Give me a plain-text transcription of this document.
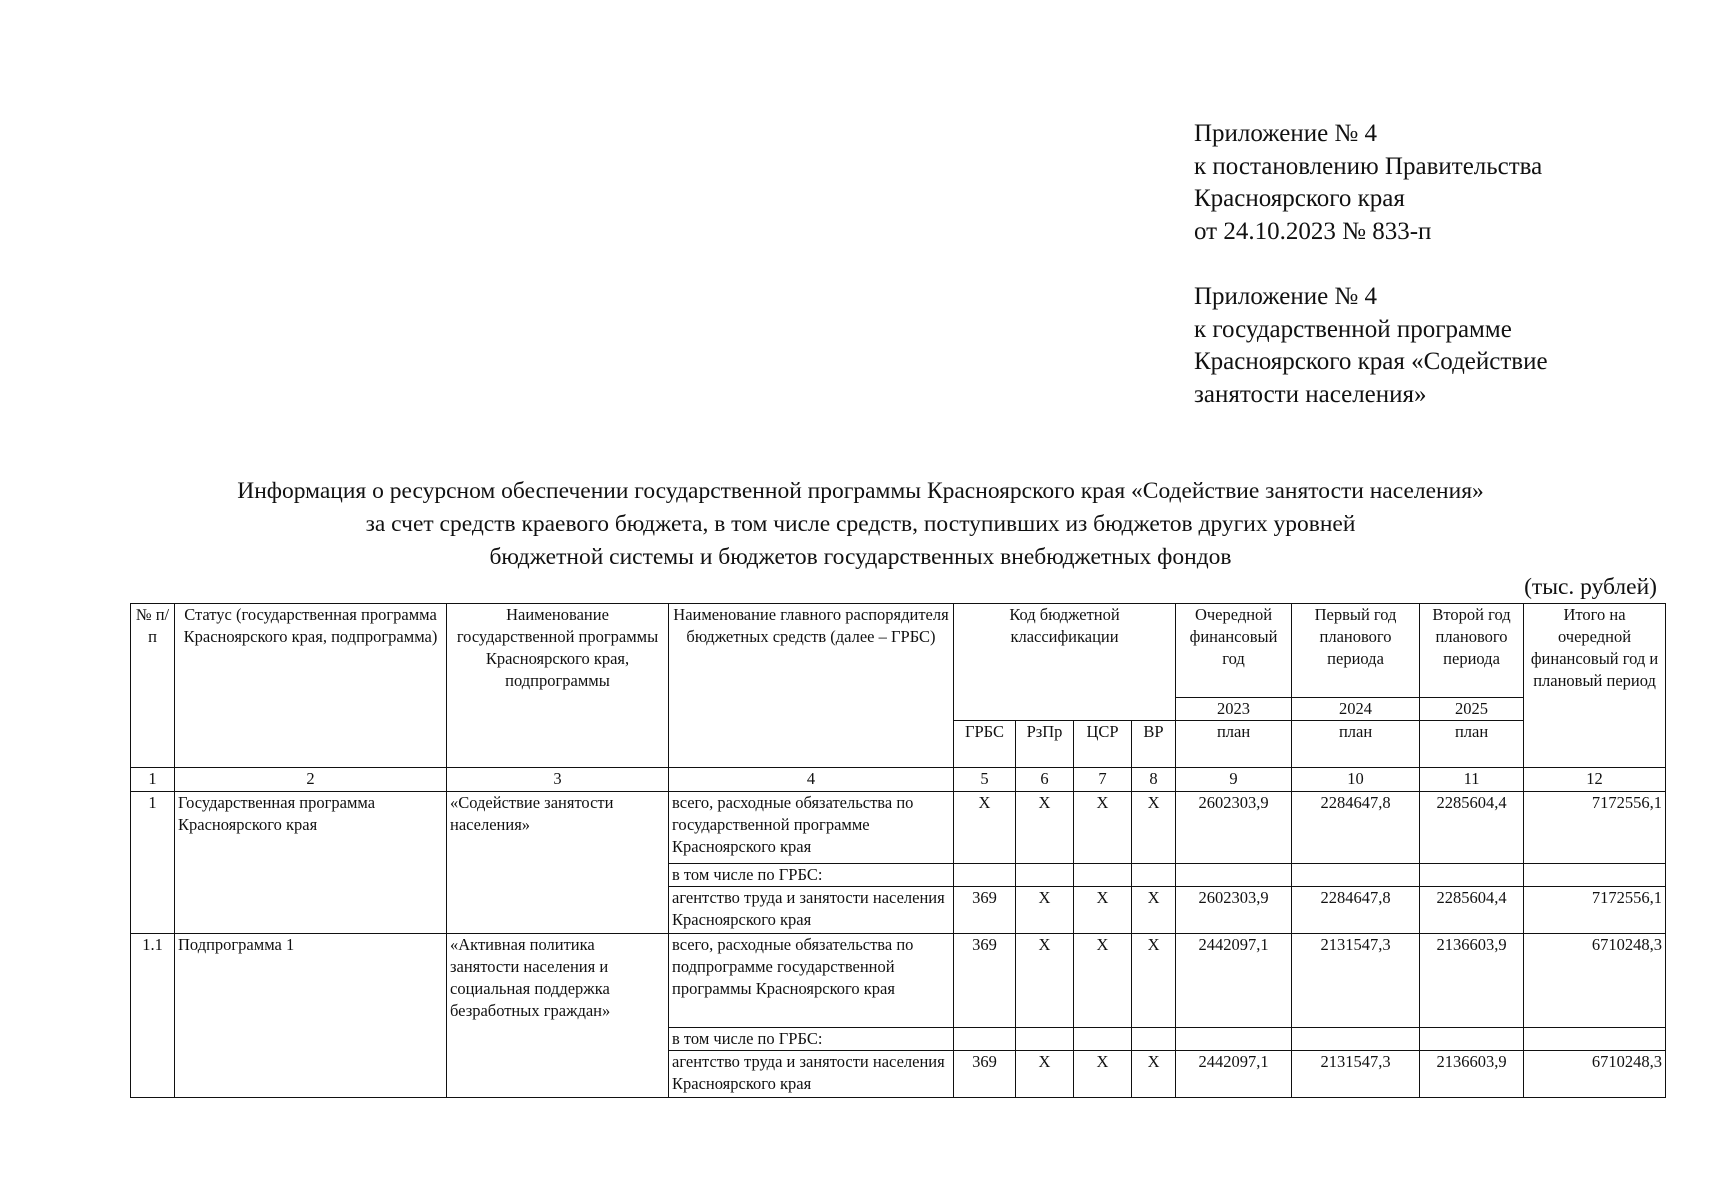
Приложение № 4
к постановлению Правительства
Красноярского края
от 24.10.2023 № 833-п
Приложение № 4
к государственной программе
Красноярского края «Содействие
занятости населения»
Информация о ресурсном обеспечении государственной программы Красноярского края «Содействие занятости населения»
за счет средств краевого бюджета, в том числе средств, поступивших из бюджетов других уровней
бюджетной системы и бюджетов государственных внебюджетных фондов
(тыс. рублей)
№ п/п	Статус (государственная программа Красноярского края, подпрограмма)	Наименование государственной программы Красноярского края, подпрограммы	Наименование главного распорядителя бюджетных средств (далее – ГРБС)	Код бюджетной классификации				Очередной финансовый год	Первый год планового периода	Второй год планового периода	Итого на очередной финансовый год и плановый период
								2023	2024	2025	
				ГРБС	РзПр	ЦСР	ВР	план	план	план	
1	2	3	4	5	6	7	8	9	10	11	12
1	Государственная программа Красноярского края	«Содействие занятости населения»	всего, расходные обязательства по государственной программе Красноярского края	Х	Х	Х	Х	2602303,9	2284647,8	2285604,4	7172556,1
			в том числе по ГРБС:								
			агентство труда и занятости населения Красноярского края	369	Х	Х	Х	2602303,9	2284647,8	2285604,4	7172556,1
1.1	Подпрограмма 1	«Активная политика занятости населения и социальная поддержка безработных граждан»	всего, расходные обязательства по подпрограмме государственной программы Красноярского края	369	Х	Х	Х	2442097,1	2131547,3	2136603,9	6710248,3
			в том числе по ГРБС:								
			агентство труда и занятости населения Красноярского края	369	Х	Х	Х	2442097,1	2131547,3	2136603,9	6710248,3
